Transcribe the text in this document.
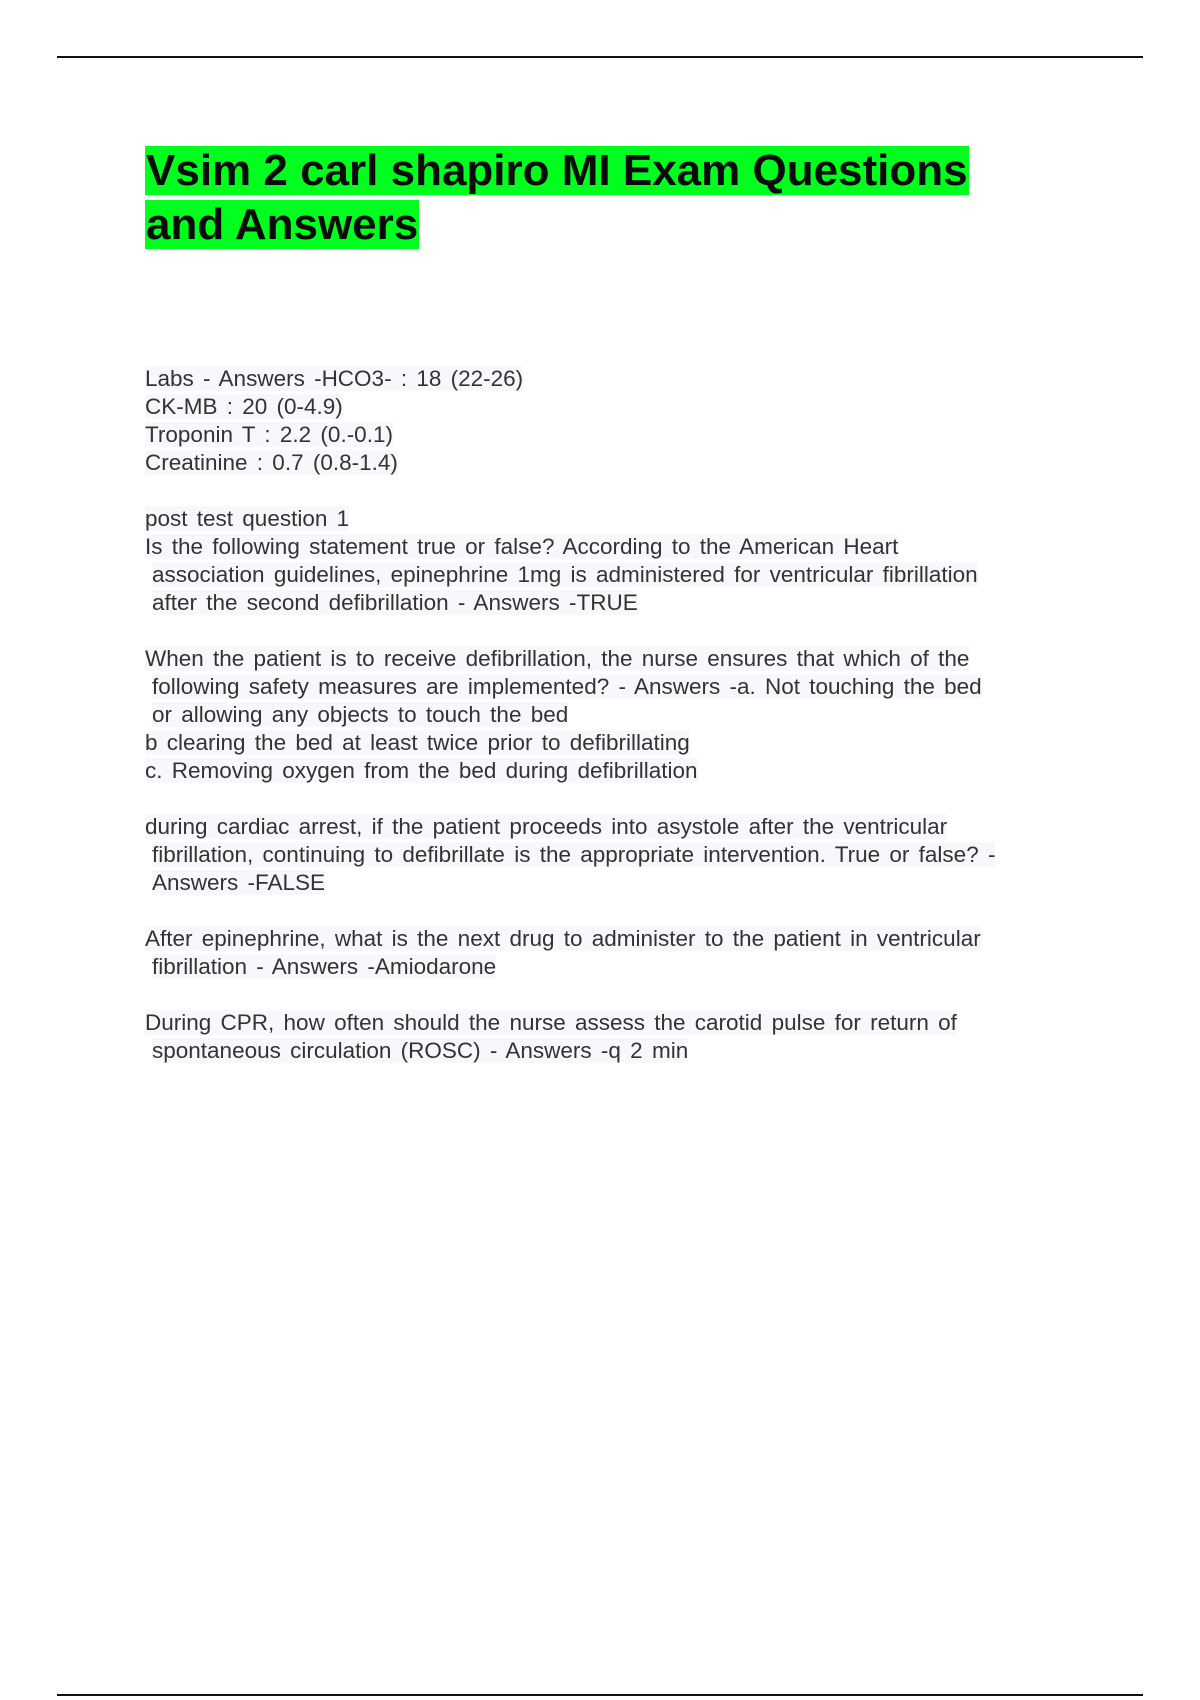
Vsim 2 carl shapiro MI Exam Questions
and Answers
Labs - Answers -HCO3- : 18 (22-26)
CK-MB : 20 (0-4.9)
Troponin T : 2.2 (0.-0.1)
Creatinine : 0.7 (0.8-1.4)
post test question 1
Is the following statement true or false? According to the American Heart
association guidelines, epinephrine 1mg is administered for ventricular fibrillation
after the second defibrillation - Answers -TRUE
When the patient is to receive defibrillation, the nurse ensures that which of the
following safety measures are implemented? - Answers -a. Not touching the bed
or allowing any objects to touch the bed
b clearing the bed at least twice prior to defibrillating
c. Removing oxygen from the bed during defibrillation
during cardiac arrest, if the patient proceeds into asystole after the ventricular
fibrillation, continuing to defibrillate is the appropriate intervention. True or false? -
Answers -FALSE
After epinephrine, what is the next drug to administer to the patient in ventricular
fibrillation - Answers -Amiodarone
During CPR, how often should the nurse assess the carotid pulse for return of
spontaneous circulation (ROSC) - Answers -q 2 min
